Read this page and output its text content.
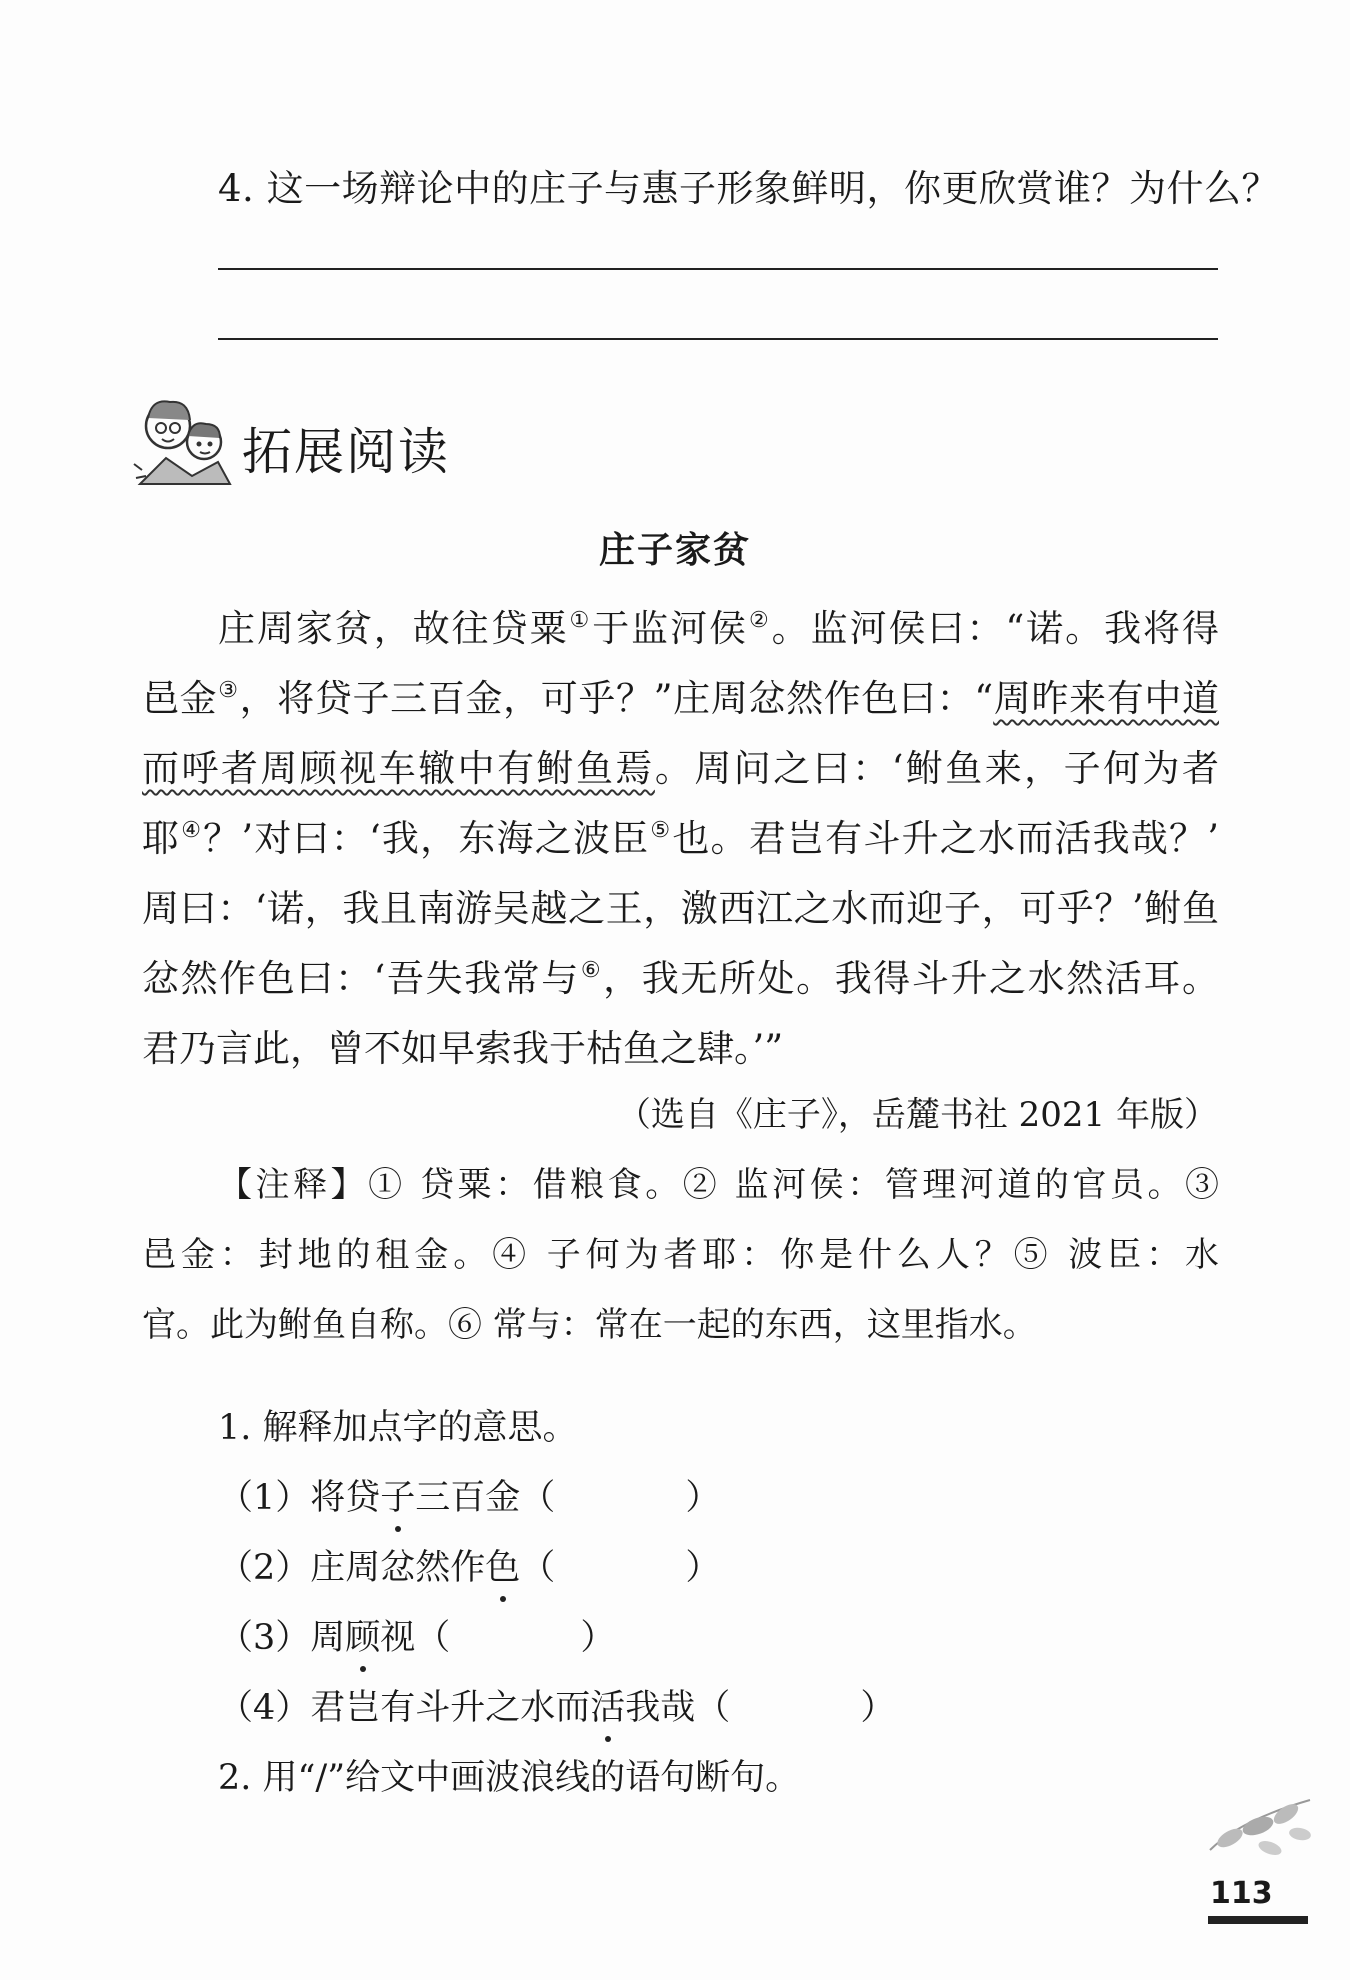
4. 这一场辩论中的庄子与惠子形象鲜明，你更欣赏谁？为什么？
拓展阅读
庄子家贫
庄周家贫，故往贷粟①于监河侯②。监河侯曰：“诺。我将得
邑金③，将贷子三百金，可乎？”庄周忿然作色曰：“周昨来有中道
而呼者周顾视车辙中有鲋鱼焉。周问之曰：‘鲋鱼来，子何为者
耶④？’对曰：‘我，东海之波臣⑤也。君岂有斗升之水而活我哉？’
周曰：‘诺，我且南游吴越之王，激西江之水而迎子，可乎？’鲋鱼
忿然作色曰：‘吾失我常与⑥，我无所处。我得斗升之水然活耳。
君乃言此，曾不如早索我于枯鱼之肆。’”
（选自《庄子》，岳麓书社 2021 年版）
【注释】① 贷粟：借粮食。② 监河侯：管理河道的官员。③
邑金：封地的租金。④ 子何为者耶：你是什么人？⑤ 波臣：水
官。此为鲋鱼自称。⑥ 常与：常在一起的东西，这里指水。
1. 解释加点字的意思。
（1）将贷子三百金（	）
（2）庄周忿然作色（	）
（3）周顾视（	）
（4）君岂有斗升之水而活我哉（	）
2. 用“/”给文中画波浪线的语句断句。
113
